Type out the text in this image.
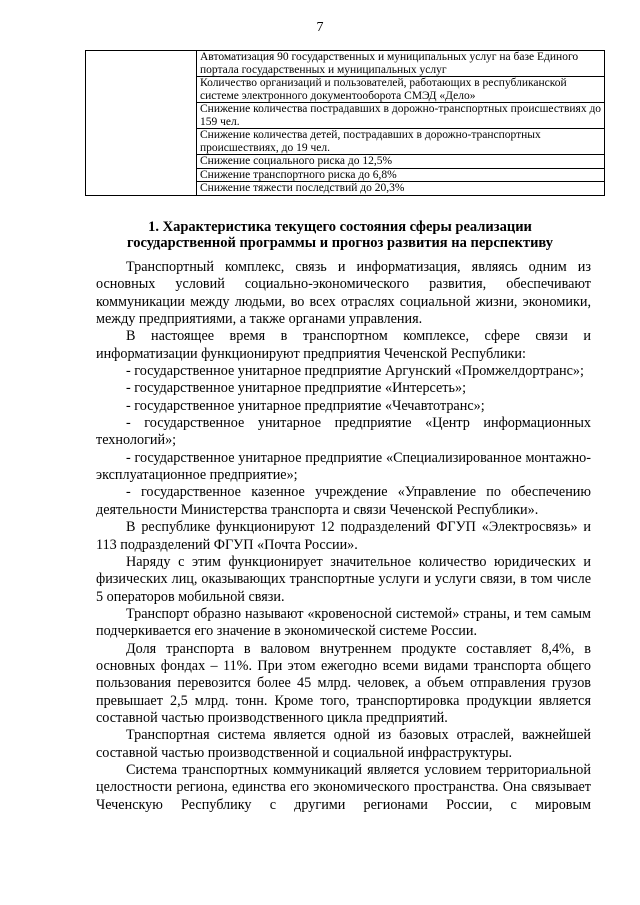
7
	Автоматизация 90 государственных и муниципальных услуг на базе Единого портала государственных и муниципальных услуг
Количество организаций и пользователей, работающих в республиканской системе электронного документооборота СМЭД «Дело»
Снижение количества пострадавших в дорожно-транспортных происшествиях до 159 чел.
Снижение количества детей, пострадавших в дорожно-транспортных происшествиях, до 19 чел.
Снижение социального риска до 12,5%
Снижение транспортного риска до 6,8%
Снижение тяжести последствий до 20,3%
1. Характеристика текущего состояния сферы реализации
государственной программы и прогноз развития на перспективу

Транспортный комплекс, связь и информатизация, являясь одним из основных условий социально-экономического развития, обеспечивают коммуникации между людьми, во всех отраслях социальной жизни, экономики, между предприятиями, а также органами управления.

В настоящее время в транспортном комплексе, сфере связи и информатизации функционируют предприятия Чеченской Республики:

- государственное унитарное предприятие Аргунский «Промжелдортранс»;

- государственное унитарное предприятие «Интерсеть»;

- государственное унитарное предприятие «Чечавтотранс»;

- государственное унитарное предприятие «Центр информационных технологий»;

- государственное унитарное предприятие «Специализированное монтажно-эксплуатационное предприятие»;

- государственное казенное учреждение «Управление по обеспечению деятельности Министерства транспорта и связи Чеченской Республики».

В республике функционируют 12 подразделений ФГУП «Электросвязь» и 113 подразделений ФГУП «Почта России».

Наряду с этим функционирует значительное количество юридических и физических лиц, оказывающих транспортные услуги и услуги связи, в том числе 5 операторов мобильной связи.

Транспорт образно называют «кровеносной системой» страны, и тем самым подчеркивается его значение в экономической системе России.

Доля транспорта в валовом внутреннем продукте составляет 8,4%, в основных фондах – 11%. При этом ежегодно всеми видами транспорта общего пользования перевозится более 45 млрд. человек, а объем отправления грузов превышает 2,5 млрд. тонн. Кроме того, транспортировка продукции является составной частью производственного цикла предприятий.

Транспортная система является одной из базовых отраслей, важнейшей составной частью производственной и социальной инфраструктуры.

Система транспортных коммуникаций является условием территориальной целостности региона, единства его экономического пространства. Она связывает Чеченскую Республику с другими регионами России, с мировым
